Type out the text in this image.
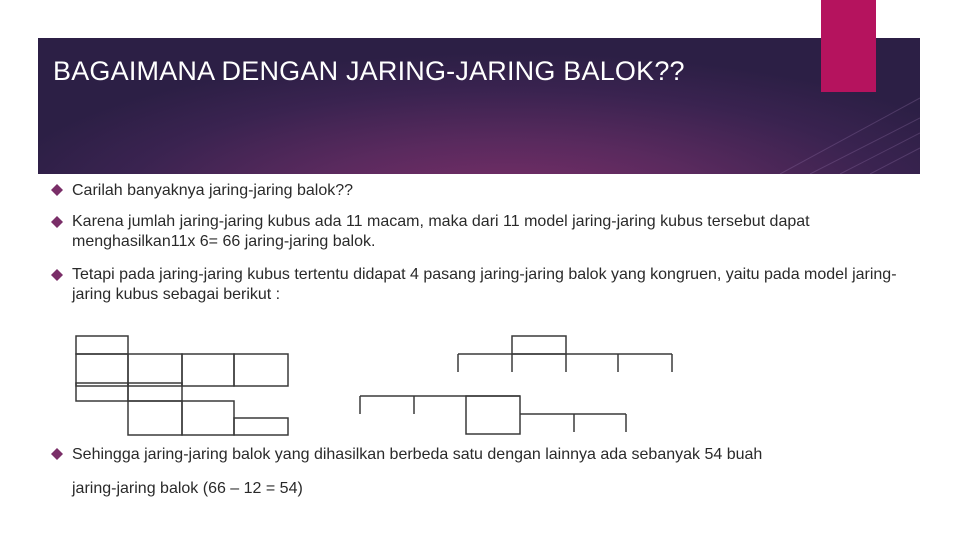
BAGAIMANA DENGAN JARING-JARING BALOK??
Carilah banyaknya jaring-jaring balok??
Karena jumlah jaring-jaring kubus ada 11 macam, maka dari 11 model jaring-jaring kubus tersebut dapat menghasilkan11x 6= 66 jaring-jaring balok.
Tetapi pada jaring-jaring kubus tertentu didapat 4 pasang jaring-jaring balok yang kongruen, yaitu pada model jaring- jaring kubus sebagai berikut :
Sehingga jaring-jaring balok yang dihasilkan berbeda satu dengan lainnya ada sebanyak 54 buah
jaring-jaring balok (66 – 12 = 54)
